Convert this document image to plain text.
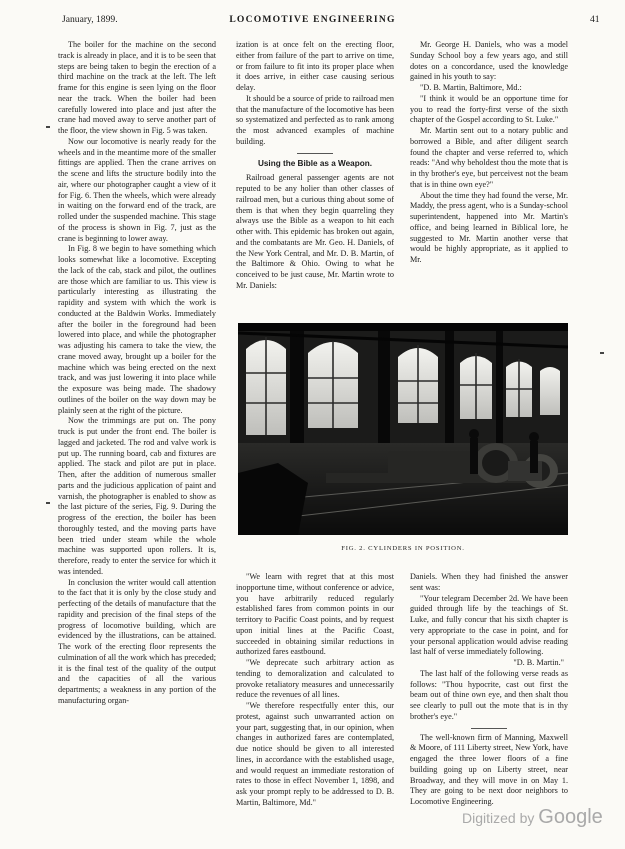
January, 1899.	LOCOMOTIVE ENGINEERING	41

The boiler for the machine on the second track is already in place, and it is to be seen that steps are being taken to begin the erection of a third machine on the track at the left. The left frame for this engine is seen lying on the floor near the track. When the boiler had been carefully lowered into place and just after the crane had moved away to serve another part of the floor, the view shown in Fig. 5 was taken.

Now our locomotive is nearly ready for the wheels and in the meantime more of the smaller fittings are applied. Then the crane arrives on the scene and lifts the structure bodily into the air, where our photographer caught a view of it for Fig. 6. Then the wheels, which were already in waiting on the forward end of the track, are rolled under the suspended machine. This stage of the process is shown in Fig. 7, just as the crane is beginning to lower away.

In Fig. 8 we begin to have something which looks somewhat like a locomotive. Excepting the lack of the cab, stack and pilot, the outlines are those which are familiar to us. This view is particularly interesting as illustrating the rapidity and system with which the work is conducted at the Baldwin Works. Immediately after the boiler in the foreground had been lowered into place, and while the photographer was adjusting his camera to take the view, the crane moved away, brought up a boiler for the machine which was being erected on the next track, and was just lowering it into place while the exposure was being made. The shadowy outlines of the boiler on the way down may be plainly seen at the right of the picture.

Now the trimmings are put on. The pony truck is put under the front end. The boiler is lagged and jacketed. The rod and valve work is put up. The running board, cab and fixtures are applied. The stack and pilot are put in place. Then, after the addition of numerous smaller parts and the judicious application of paint and varnish, the photographer is enabled to show as the last picture of the series, Fig. 9. During the progress of the erection, the boiler has been thoroughly tested, and the moving parts have been tried under steam while the whole machine was supported upon rollers. It is, therefore, ready to enter the service for which it was intended.

In conclusion the writer would call attention to the fact that it is only by the close study and perfecting of the details of manufacture that the rapidity and precision of the final steps of the progress of locomotive building, which are evidenced by the illustrations, can be attained. The work of the erecting floor represents the culmination of all the work which has preceded; it is the final test of the quality of the output and the capacities of all the various departments; a weakness in any portion of the manufacturing organ-

ization is at once felt on the erecting floor, either from failure of the part to arrive on time, or from failure to fit into its proper place when it does arrive, in either case causing serious delay.

It should be a source of pride to railroad men that the manufacture of the locomotive has been so systematized and perfected as to rank among the most advanced examples of machine building.

Using the Bible as a Weapon.

Railroad general passenger agents are not reputed to be any holier than other classes of railroad men, but a curious thing about some of them is that when they begin quarreling they always use the Bible as a weapon to hit each other with. This epidemic has broken out again, and the combatants are Mr. Geo. H. Daniels, of the New York Central, and Mr. D. B. Martin, of the Baltimore & Ohio. Owing to what he conceived to be just cause, Mr. Martin wrote to Mr. Daniels:

Mr. George H. Daniels, who was a model Sunday School boy a few years ago, and still dotes on a concordance, used the knowledge gained in his youth to say:

"D. B. Martin, Baltimore, Md.:

"I think it would be an opportune time for you to read the forty-first verse of the sixth chapter of the Gospel according to St. Luke."

Mr. Martin sent out to a notary public and borrowed a Bible, and after diligent search found the chapter and verse referred to, which reads: "And why beholdest thou the mote that is in thy brother's eye, but perceivest not the beam that is in thine own eye?"

About the time they had found the verse, Mr. Maddy, the press agent, who is a Sunday-school superintendent, happened into Mr. Martin's office, and being learned in Biblical lore, he suggested to Mr. Martin another verse that would be highly appropriate, as it applied to Mr.

FIG. 2. CYLINDERS IN POSITION.

"We learn with regret that at this most inopportune time, without conference or advice, you have arbitrarily reduced regularly established fares from common points in our territory to Pacific Coast points, and by request upon initial lines at the Pacific Coast, succeeded in obtaining similar reductions in authorized fares eastbound.

"We deprecate such arbitrary action as tending to demoralization and calculated to provoke retaliatory measures and unnecessarily reduce the revenues of all lines.

"We therefore respectfully enter this, our protest, against such unwarranted action on your part, suggesting that, in our opinion, when changes in authorized fares are contemplated, due notice should be given to all interested lines, in accordance with the established usage, and would request an immediate restoration of rates to those in effect November 1, 1898, and ask your prompt reply to be addressed to D. B. Martin, Baltimore, Md."

Daniels. When they had finished the answer sent was:

"Your telegram December 2d. We have been guided through life by the teachings of St. Luke, and fully concur that his sixth chapter is very appropriate to the case in point, and for your personal application would advise reading last half of verse immediately following.

"D. B. Martin."

The last half of the following verse reads as follows: "Thou hypocrite, cast out first the beam out of thine own eye, and then shalt thou see clearly to pull out the mote that is in thy brother's eye."

The well-known firm of Manning, Maxwell & Moore, of 111 Liberty street, New York, have engaged the three lower floors of a fine building going up on Liberty street, near Broadway, and they will move in on May 1. They are going to be next door neighbors to Locomotive Engineering.

Digitized by Google
